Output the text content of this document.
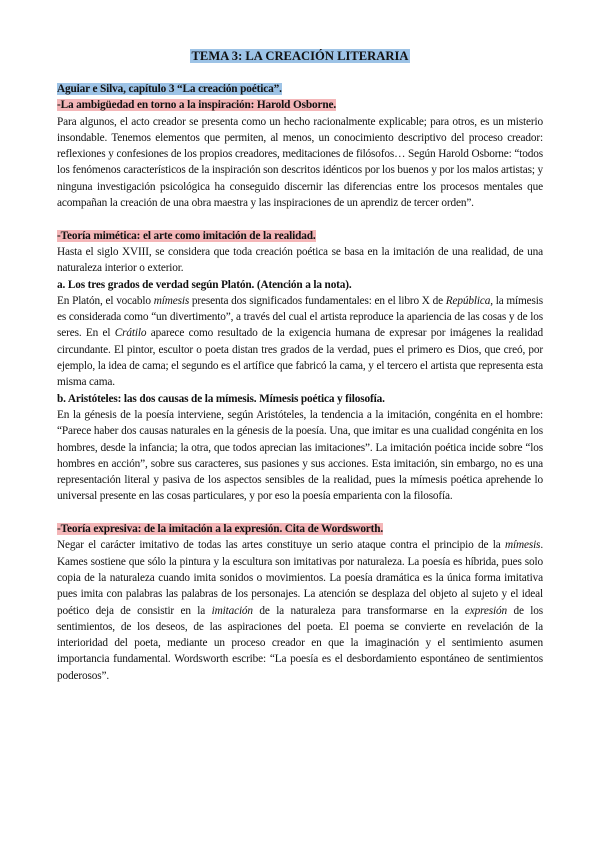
TEMA 3: LA CREACIÓN LITERARIA

Aguiar e Silva, capítulo 3 “La creación poética”.

-La ambigüedad en torno a la inspiración: Harold Osborne.

Para algunos, el acto creador se presenta como un hecho racionalmente explicable; para otros, es un misterio insondable. Tenemos elementos que permiten, al menos, un conocimiento descriptivo del proceso creador: reflexiones y confesiones de los propios creadores, meditaciones de filósofos… Según Harold Osborne: “todos los fenómenos característicos de la inspiración son descritos idénticos por los buenos y por los malos artistas; y ninguna investigación psicológica ha conseguido discernir las diferencias entre los procesos mentales que acompañan la creación de una obra maestra y las inspiraciones de un aprendiz de tercer orden”.

-Teoría mimética: el arte como imitación de la realidad.

Hasta el siglo XVIII, se considera que toda creación poética se basa en la imitación de una realidad, de una naturaleza interior o exterior.

a. Los tres grados de verdad según Platón. (Atención a la nota).

En Platón, el vocablo mímesis presenta dos significados fundamentales: en el libro X de República, la mímesis es considerada como “un divertimento”, a través del cual el artista reproduce la apariencia de las cosas y de los seres. En el Crátilo aparece como resultado de la exigencia humana de expresar por imágenes la realidad circundante. El pintor, escultor o poeta distan tres grados de la verdad, pues el primero es Dios, que creó, por ejemplo, la idea de cama; el segundo es el artífice que fabricó la cama, y el tercero el artista que representa esta misma cama.

b. Aristóteles: las dos causas de la mímesis. Mímesis poética y filosofía.

En la génesis de la poesía interviene, según Aristóteles, la tendencia a la imitación, congénita en el hombre: “Parece haber dos causas naturales en la génesis de la poesía. Una, que imitar es una cualidad congénita en los hombres, desde la infancia; la otra, que todos aprecian las imitaciones”. La imitación poética incide sobre “los hombres en acción”, sobre sus caracteres, sus pasiones y sus acciones. Esta imitación, sin embargo, no es una representación literal y pasiva de los aspectos sensibles de la realidad, pues la mímesis poética aprehende lo universal presente en las cosas particulares, y por eso la poesía emparienta con la filosofía.

-Teoría expresiva: de la imitación a la expresión. Cita de Wordsworth.

Negar el carácter imitativo de todas las artes constituye un serio ataque contra el principio de la mímesis. Kames sostiene que sólo la pintura y la escultura son imitativas por naturaleza. La poesía es híbrida, pues solo copia de la naturaleza cuando imita sonidos o movimientos. La poesía dramática es la única forma imitativa pues imita con palabras las palabras de los personajes. La atención se desplaza del objeto al sujeto y el ideal poético deja de consistir en la imitación de la naturaleza para transformarse en la expresión de los sentimientos, de los deseos, de las aspiraciones del poeta. El poema se convierte en revelación de la interioridad del poeta, mediante un proceso creador en que la imaginación y el sentimiento asumen importancia fundamental. Wordsworth escribe: “La poesía es el desbordamiento espontáneo de sentimientos poderosos”.
